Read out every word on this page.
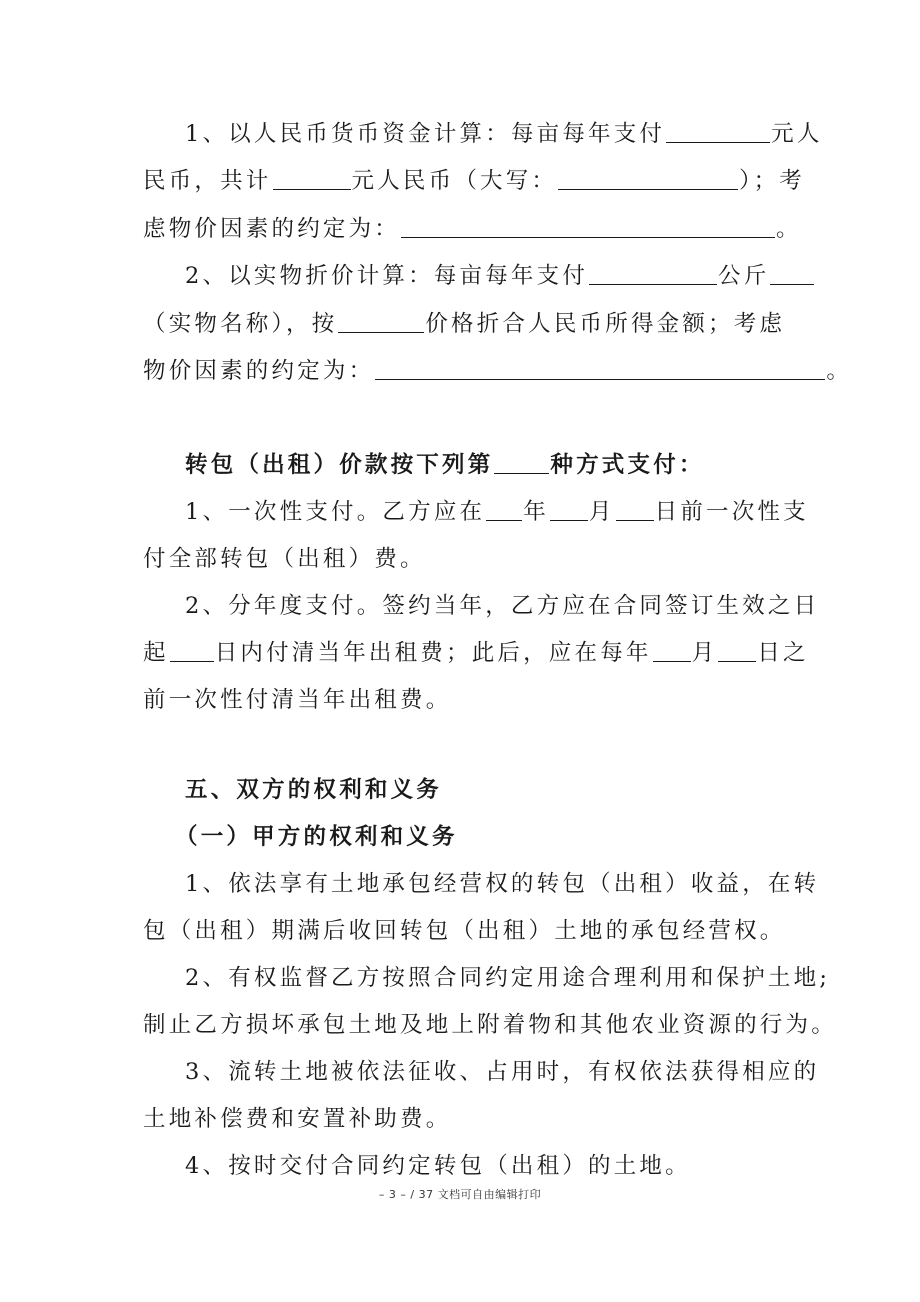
1、以人民币货币资金计算：每亩每年支付	元人
民币，共计	元人民币（大写：	）；考
虑物价因素的约定为：	。
2、以实物折价计算：每亩每年支付	公斤
（实物名称），按	价格折合人民币所得金额；考虑
物价因素的约定为：	。
转包（出租）价款按下列第	种方式支付：
1、一次性支付。乙方应在 年 月 日前一次性支
付全部转包（出租）费。
2、分年度支付。签约当年，乙方应在合同签订生效之日
起 日内付清当年出租费；此后，应在每年 月 日之
前一次性付清当年出租费。
五、双方的权利和义务
（一）甲方的权利和义务
1、依法享有土地承包经营权的转包（出租）收益，在转
包（出租）期满后收回转包（出租）土地的承包经营权。
2、有权监督乙方按照合同约定用途合理利用和保护土地;
制止乙方损坏承包土地及地上附着物和其他农业资源的行为。
3、流转土地被依法征收、占用时，有权依法获得相应的
土地补偿费和安置补助费。
4、按时交付合同约定转包（出租）的土地。
– 3 – / 37 文档可自由编辑打印
